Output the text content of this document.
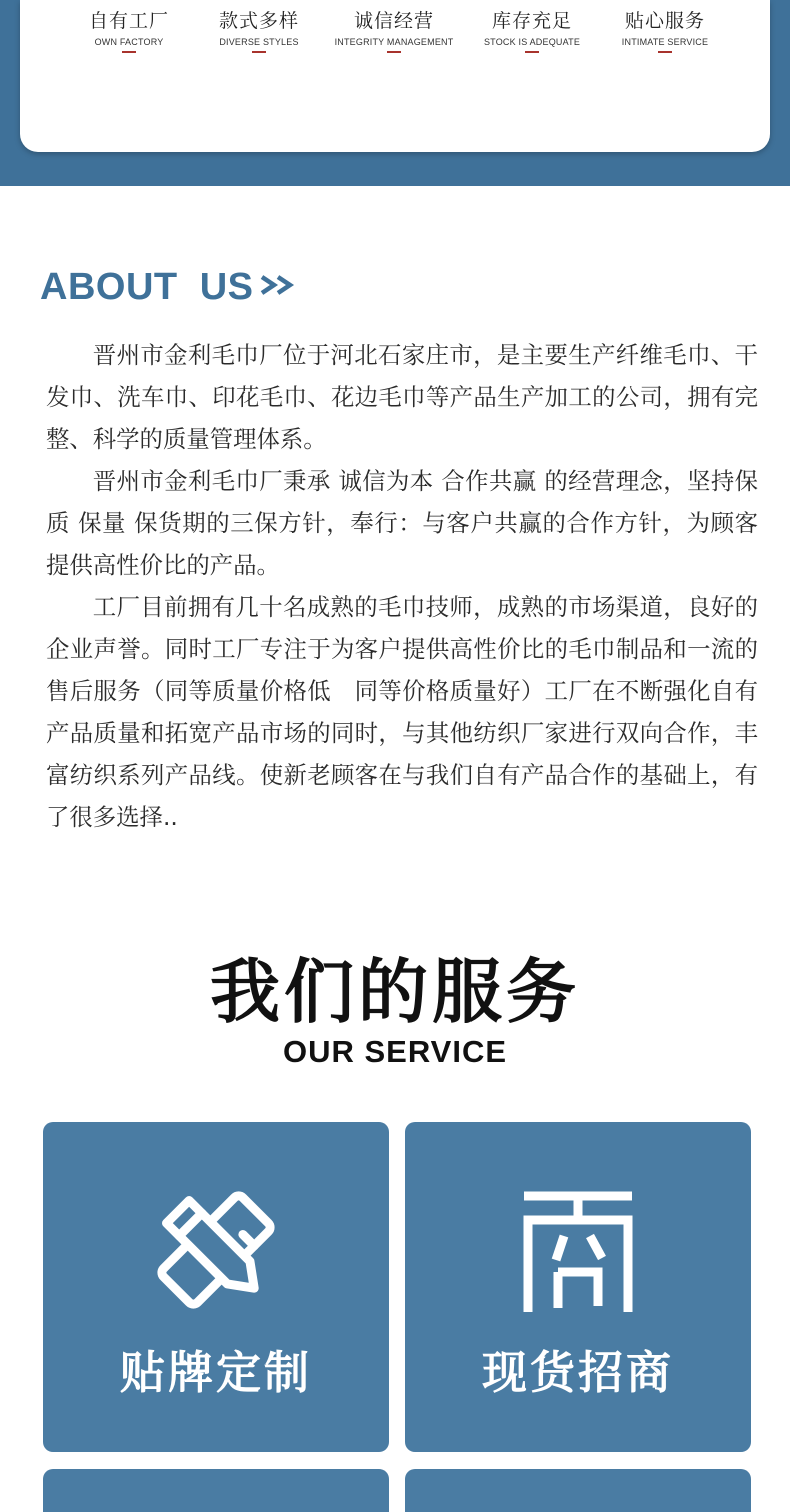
自有工厂
OWN FACTORY
款式多样
DIVERSE STYLES
诚信经营
INTEGRITY MANAGEMENT
库存充足
STOCK IS ADEQUATE
贴心服务
INTIMATE SERVICE
ABOUT  US

晋州市金利毛巾厂位于河北石家庄市，是主要生产纤维毛巾、干发巾、洗车巾、印花毛巾、花边毛巾等产品生产加工的公司，拥有完整、科学的质量管理体系。

晋州市金利毛巾厂秉承 诚信为本 合作共赢 的经营理念，坚持保质 保量 保货期的三保方针，奉行：与客户共赢的合作方针，为顾客提供高性价比的产品。

工厂目前拥有几十名成熟的毛巾技师，成熟的市场渠道，良好的企业声誉。同时工厂专注于为客户提供高性价比的毛巾制品和一流的售后服务（同等质量价格低　同等价格质量好）工厂在不断强化自有产品质量和拓宽产品市场的同时，与其他纺织厂家进行双向合作，丰富纺织系列产品线。使新老顾客在与我们自有产品合作的基础上，有了很多选择..

我们的服务
OUR SERVICE
贴牌定制	现货招商
